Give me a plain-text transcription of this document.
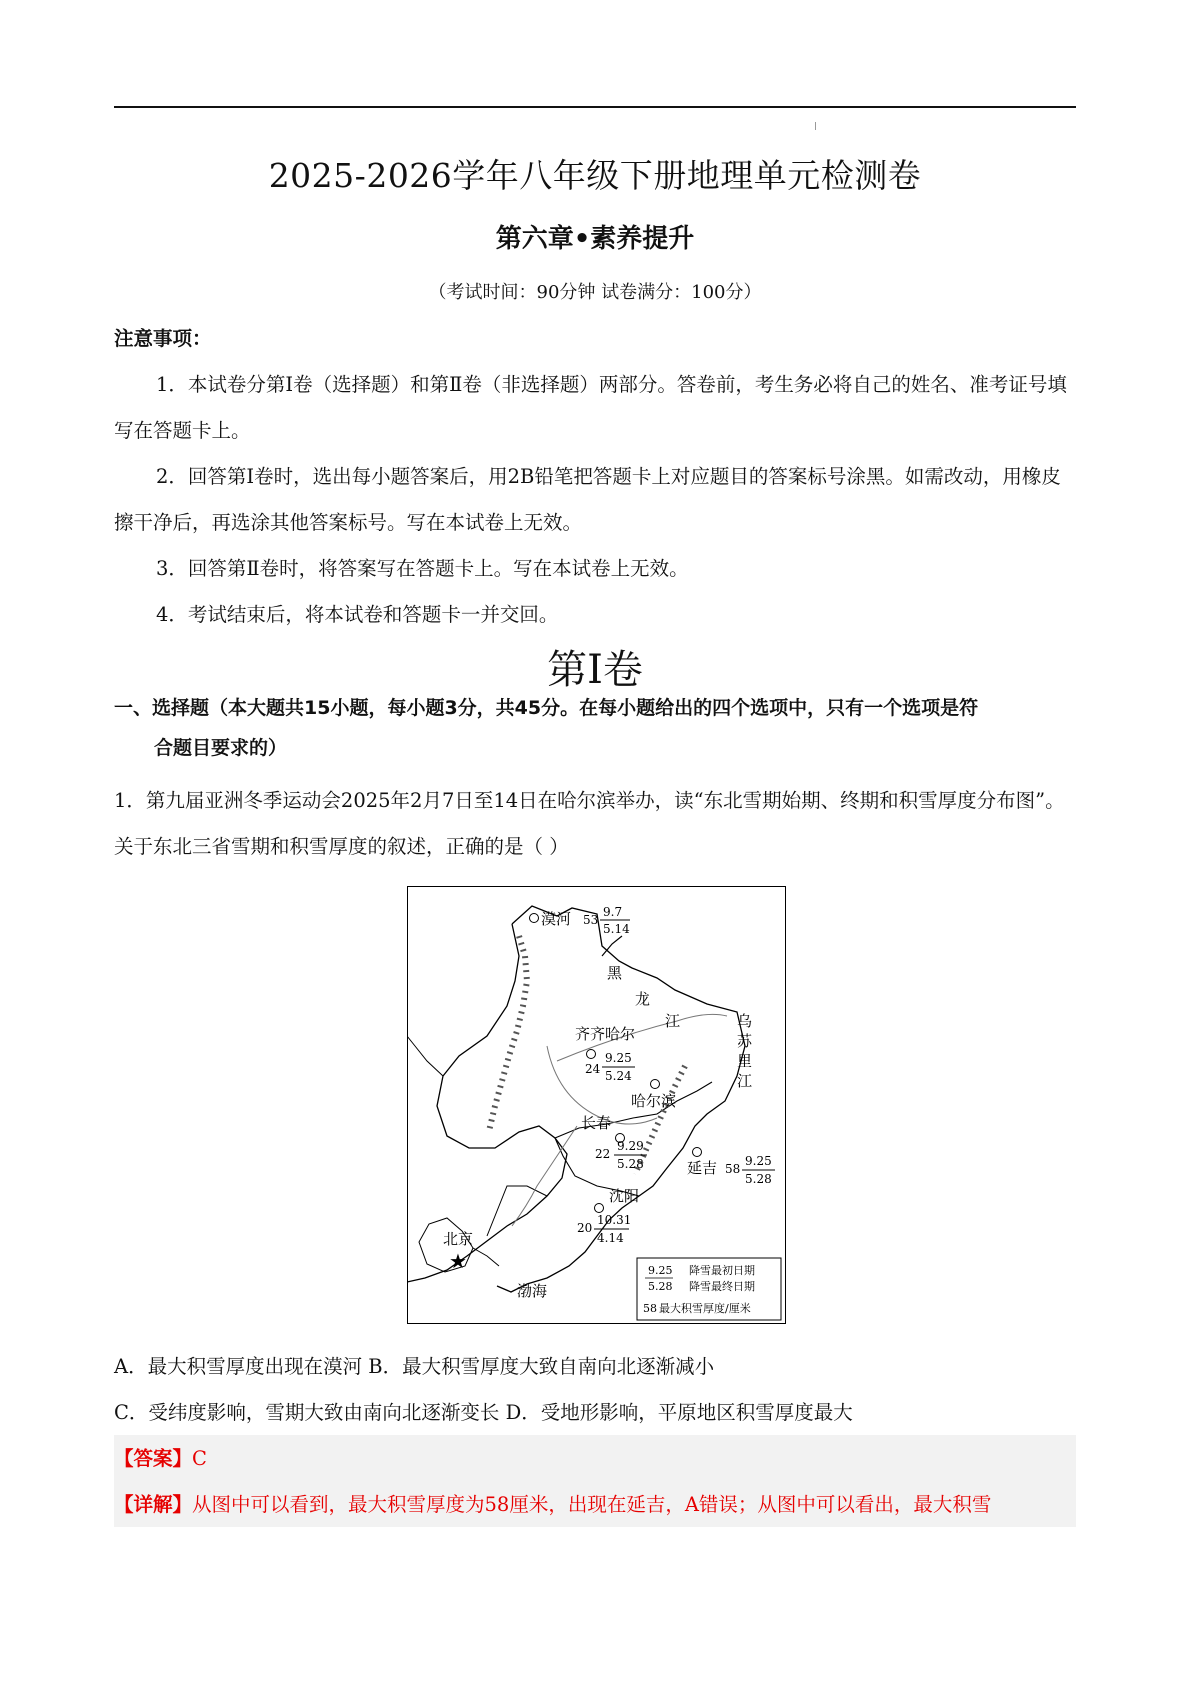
2025-2026学年八年级下册地理单元检测卷
第六章•素养提升
（考试时间：90分钟 试卷满分：100分）
注意事项：
1．本试卷分第Ⅰ卷（选择题）和第Ⅱ卷（非选择题）两部分。答卷前，考生务必将自己的姓名、准考证号填写在答题卡上。
2．回答第Ⅰ卷时，选出每小题答案后，用2B铅笔把答题卡上对应题目的答案标号涂黑。如需改动，用橡皮擦干净后，再选涂其他答案标号。写在本试卷上无效。
3．回答第Ⅱ卷时，将答案写在答题卡上。写在本试卷上无效。
4．考试结束后，将本试卷和答题卡一并交回。
第Ⅰ卷
一、选择题（本大题共15小题，每小题3分，共45分。在每小题给出的四个选项中，只有一个选项是符
合题目要求的）
1．第九届亚洲冬季运动会2025年2月7日至14日在哈尔滨举办，读“东北雪期始期、终期和积雪厚度分布图”。关于东北三省雪期和积雪厚度的叙述，正确的是（ ）
漠河 53
9.7
5.14
黑
龙
江	乌
苏
里
江
齐齐哈尔
24
9.25
5.24
哈尔滨
长春
22
9.29
5.28	延吉 58
9.25
5.28
沈阳
20
10.31
4.14
北京
★
渤海
9.25
5.28
降雪最初日期
降雪最终日期
58 最大积雪厚度/厘米
A．最大积雪厚度出现在漠河 B．最大积雪厚度大致自南向北逐渐减小
C．受纬度影响，雪期大致由南向北逐渐变长 D．受地形影响，平原地区积雪厚度最大
【答案】C
【详解】从图中可以看到，最大积雪厚度为58厘米，出现在延吉，A错误；从图中可以看出，最大积雪
